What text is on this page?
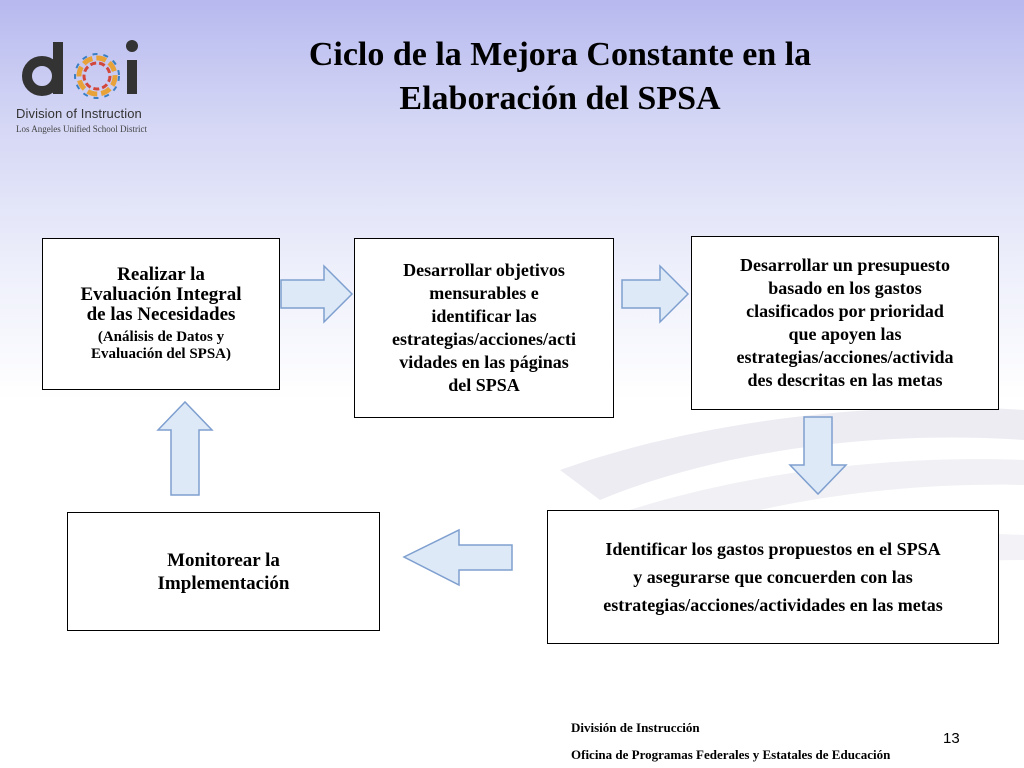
Division of Instruction
Los Angeles Unified School District
Ciclo de la Mejora Constante en la
Elaboración del SPSA
Realizar la
Evaluación Integral
de las Necesidades
(Análisis de Datos y
Evaluación del SPSA)
Desarrollar objetivos
mensurables e
identificar las
estrategias/acciones/acti
vidades en las páginas
del SPSA
Desarrollar un presupuesto
basado en los gastos
clasificados por prioridad
que apoyen las
estrategias/acciones/activida
des descritas en las metas
Identificar los gastos propuestos en el SPSA
y asegurarse que concuerden con las
estrategias/acciones/actividades en las metas
Monitorear la
Implementación
División de Instrucción
Oficina de Programas Federales y Estatales de Educación
13
